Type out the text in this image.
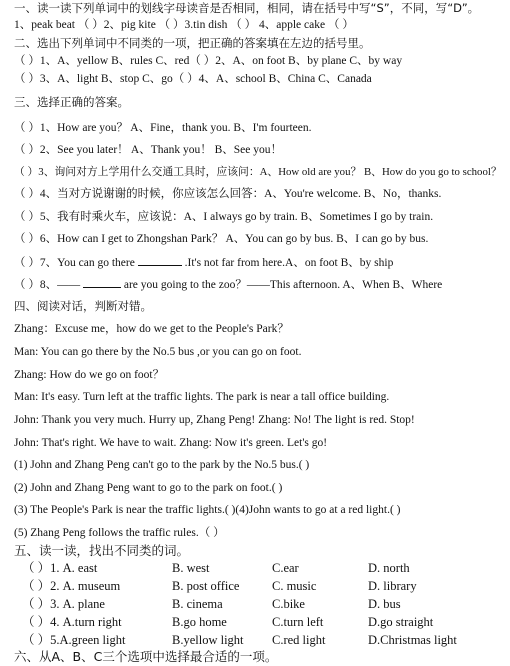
一、读一读下列单词中的划线字母读音是否相同，相同，请在括号中写“S”，不同，写“D”。
1、peak beat （ ）2、pig kite （ ）3.tin dish （ ） 4、apple cake （ ）
二、选出下列单词中不同类的一项，把正确的答案填在左边的括号里。
（ ）1、A、yellow B、rules C、red（ ）2、A、on foot B、by plane C、by way
（ ）3、A、light B、stop C、go（ ）4、A、school B、China C、Canada
三、选择正确的答案。
（ ）1、How are you？ A、Fine，thank you. B、I'm fourteen.
（ ）2、See you later！ A、Thank you！ B、See you！
（ ）3、询问对方上学用什么交通工具时，应该问：A、How old are you？ B、How do you go to school？
（ ）4、当对方说谢谢的时候，你应该怎么回答：A、You're welcome. B、No，thanks.
（ ）5、我有时乘火车，应该说：A、I always go by train. B、Sometimes I go by train.
（ ）6、How can I get to Zhongshan Park？ A、You can go by bus. B、I can go by bus.
（ ）7、You can go there	.It's not far from here.A、on foot B、by ship
（ ）8、——	are you going to the zoo？——This afternoon. A、When B、Where
四、阅读对话，判断对错。
Zhang：Excuse me，how do we get to the People's Park？
Man: You can go there by the No.5 bus ,or you can go on foot.
Zhang: How do we go on foot？
Man: It's easy. Turn left at the traffic lights. The park is near a tall office building.
John: Thank you very much. Hurry up, Zhang Peng! Zhang: No! The light is red. Stop!
John: That's right. We have to wait. Zhang: Now it's green. Let's go!
(1) John and Zhang Peng can't go to the park by the No.5 bus.( )
(2) John and Zhang Peng want to go to the park on foot.( )
(3) The People's Park is near the traffic lights.( )(4)John wants to go at a red light.( )
(5) Zhang Peng follows the traffic rules.（ ）
五、读一读，找出不同类的词。
（ ）1. A. east	B. west	C.ear	D. north
（ ）2. A. museum	B. post office	C. music	D. library
（ ）3. A. plane	B. cinema	C.bike	D. bus
（ ）4. A.turn right	B.go home	C.turn left	D.go straight
（ ）5.A.green light	B.yellow light C.red light	D.Christmas light
六、从A、B、C三个选项中选择最合适的一项。
